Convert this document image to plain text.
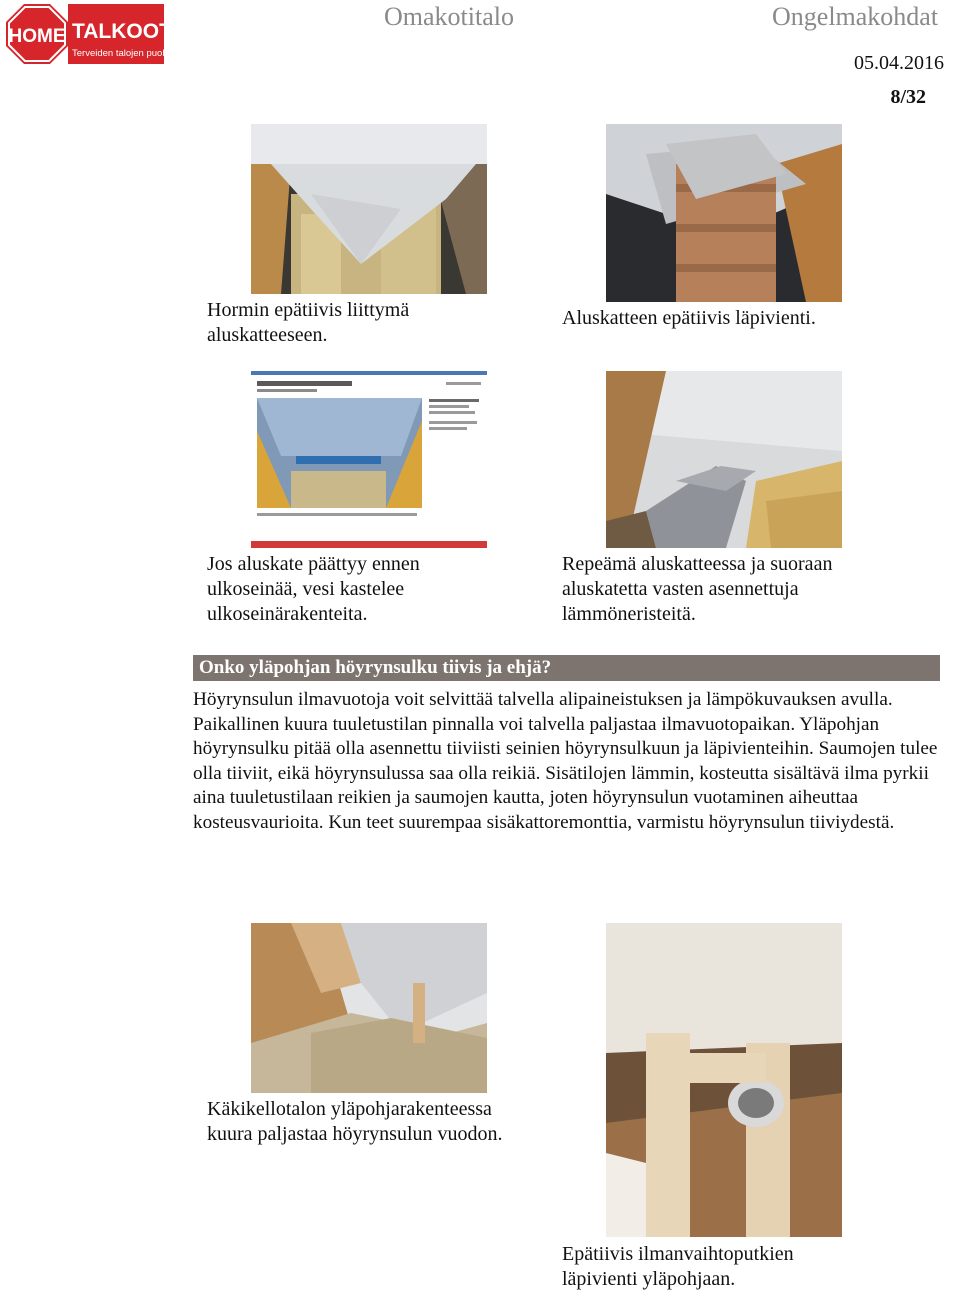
HOME TALKOOT.FI
Terveiden talojen puolesta
Omakotitalo	Ongelmakohdat
05.04.2016
8/32
Hormin epätiivis liittymä aluskatteeseen.
Aluskatteen epätiivis läpivienti.
Jos aluskate päättyy ennen ulkoseinää, vesi kastelee ulkoseinärakenteita.
Repeämä aluskatteessa ja suoraan aluskatetta vasten asennettuja lämmöneristeitä.
Onko yläpohjan höyrynsulku tiivis ja ehjä?
Höyrynsulun ilmavuotoja voit selvittää talvella alipaineistuksen ja lämpökuvauksen avulla. Paikallinen kuura tuuletustilan pinnalla voi talvella paljastaa ilmavuotopaikan. Yläpohjan höyrynsulku pitää olla asennettu tiiviisti seinien höyrynsulkuun ja läpivienteihin. Saumojen tulee olla tiiviit, eikä höyrynsulussa saa olla reikiä. Sisätilojen lämmin, kosteutta sisältävä ilma pyrkii aina tuuletustilaan reikien ja saumojen kautta, joten höyrynsulun vuotaminen aiheuttaa kosteusvaurioita. Kun teet suurempaa sisäkattoremonttia, varmistu höyrynsulun tiiviydestä.
Käkikellotalon yläpohjarakenteessa kuura paljastaa höyrynsulun vuodon.
Epätiivis ilmanvaihtoputkien läpivienti yläpohjaan.
